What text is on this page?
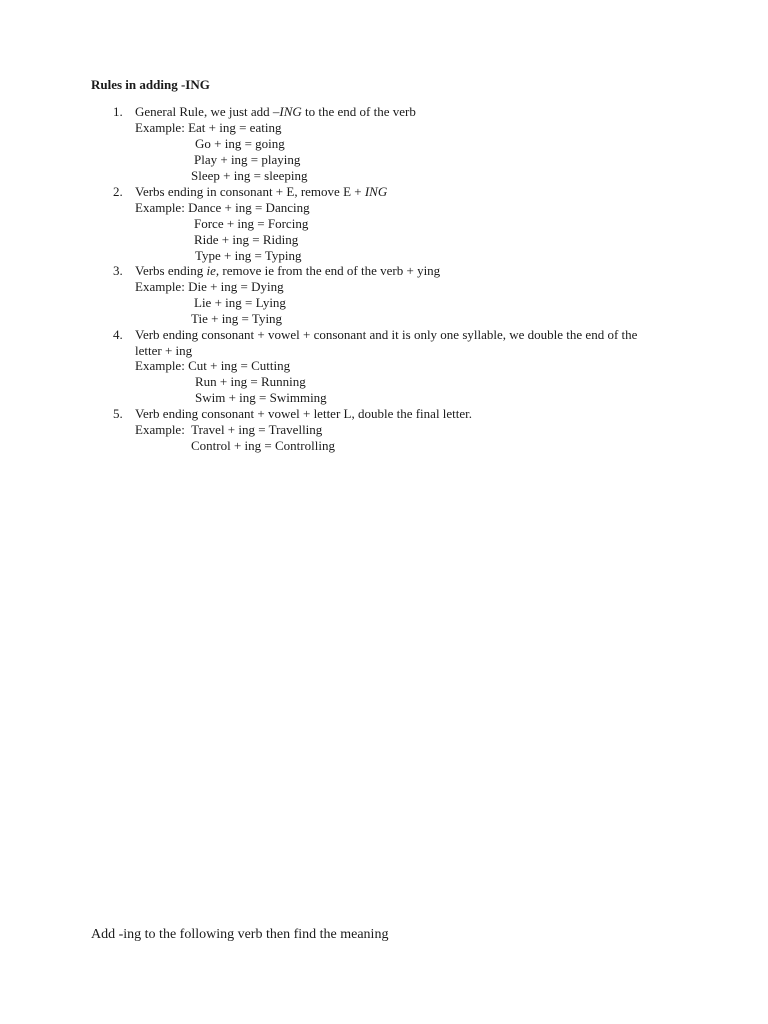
Rules in adding -ING
1. General Rule, we just add –ING to the end of the verb
Example: Eat + ing = eating
Go + ing = going
Play + ing = playing
Sleep + ing = sleeping
2. Verbs ending in consonant + E, remove E + ING
Example: Dance + ing = Dancing
Force + ing = Forcing
Ride + ing = Riding
Type + ing = Typing
3. Verbs ending ie, remove ie from the end of the verb + ying
Example: Die + ing = Dying
Lie + ing = Lying
Tie + ing = Tying
4. Verb ending consonant + vowel + consonant and it is only one syllable, we double the end of the
letter + ing
Example: Cut + ing = Cutting
Run + ing = Running
Swim + ing = Swimming
5. Verb ending consonant + vowel + letter L, double the final letter.
Example: Travel + ing = Travelling
Control + ing = Controlling
Add -ing to the following verb then find the meaning
